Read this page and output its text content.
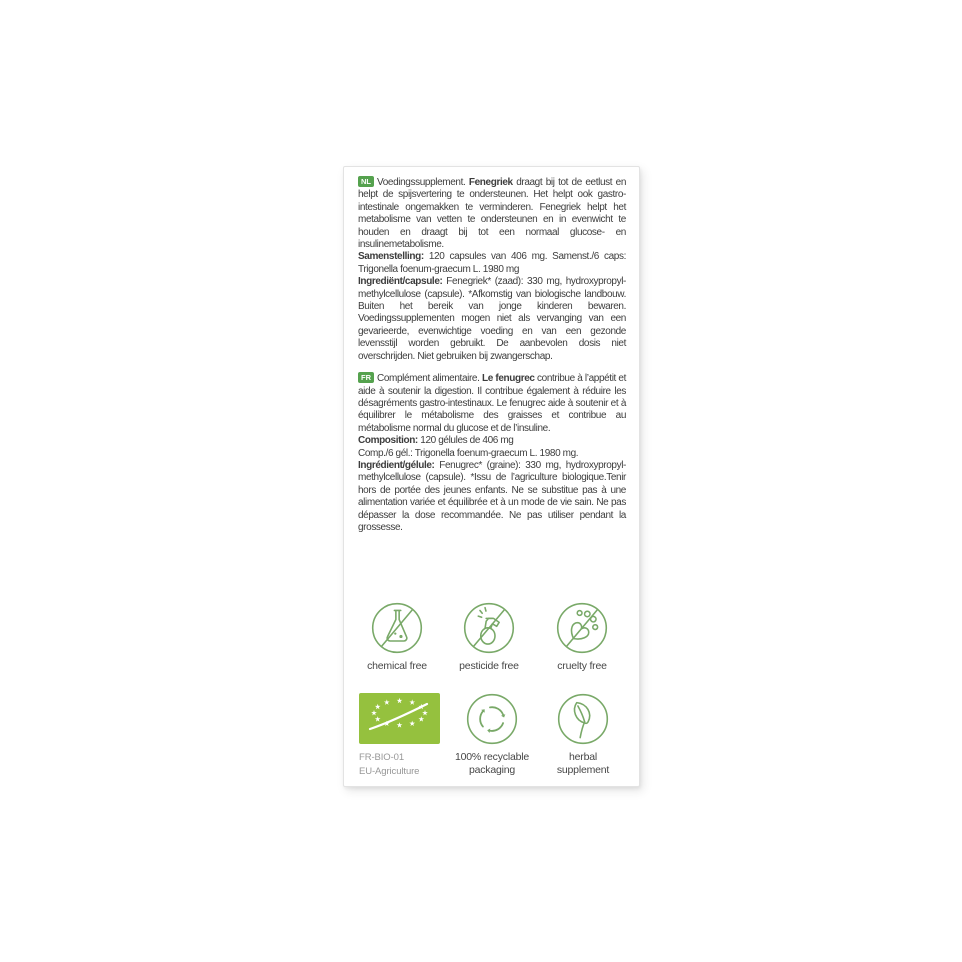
NL Voedingssupplement. Fenegriek draagt bij tot de eetlust en helpt de spijsvertering te ondersteunen. Het helpt ook gastro-intestinale ongemakken te verminderen. Fenegriek helpt het metabolisme van vetten te ondersteunen en in evenwicht te houden en draagt bij tot een normaal glucose- en insulinemetabolisme.
Samenstelling: 120 capsules van 406 mg. Samenst./6 caps: Trigonella foenum-graecum L. 1980 mg
Ingrediënt/capsule: Fenegriek* (zaad): 330 mg, hydroxypropyl-methylcellulose (capsule). *Afkomstig van biologische landbouw. Buiten het bereik van jonge kinderen bewaren. Voedingssupplementen mogen niet als vervanging van een gevarieerde, evenwichtige voeding en van een gezonde levensstijl worden gebruikt. De aanbevolen dosis niet overschrijden. Niet gebruiken bij zwangerschap.
FR Complément alimentaire. Le fenugrec contribue à l’appétit et aide à soutenir la digestion. Il contribue également à réduire les désagréments gastro-intestinaux. Le fenugrec aide à soutenir et à équilibrer le métabolisme des graisses et contribue au métabolisme normal du glucose et de l’insuline.
Composition: 120 gélules de 406 mg
Comp./6 gél.: Trigonella foenum-graecum L. 1980 mg.
Ingrédient/gélule: Fenugrec* (graine): 330 mg, hydroxypropyl-methylcellulose (capsule). *Issu de l’agriculture biologique.Tenir hors de portée des jeunes enfants. Ne se substitue pas à une alimentation variée et équilibrée et à un mode de vie sain. Ne pas dépasser la dose recommandée. Ne pas utiliser pendant la grossesse.
chemical free	pesticide free	cruelty free
FR-BIO-01
EU-Agriculture
100% recyclable
packaging
herbal
supplement
